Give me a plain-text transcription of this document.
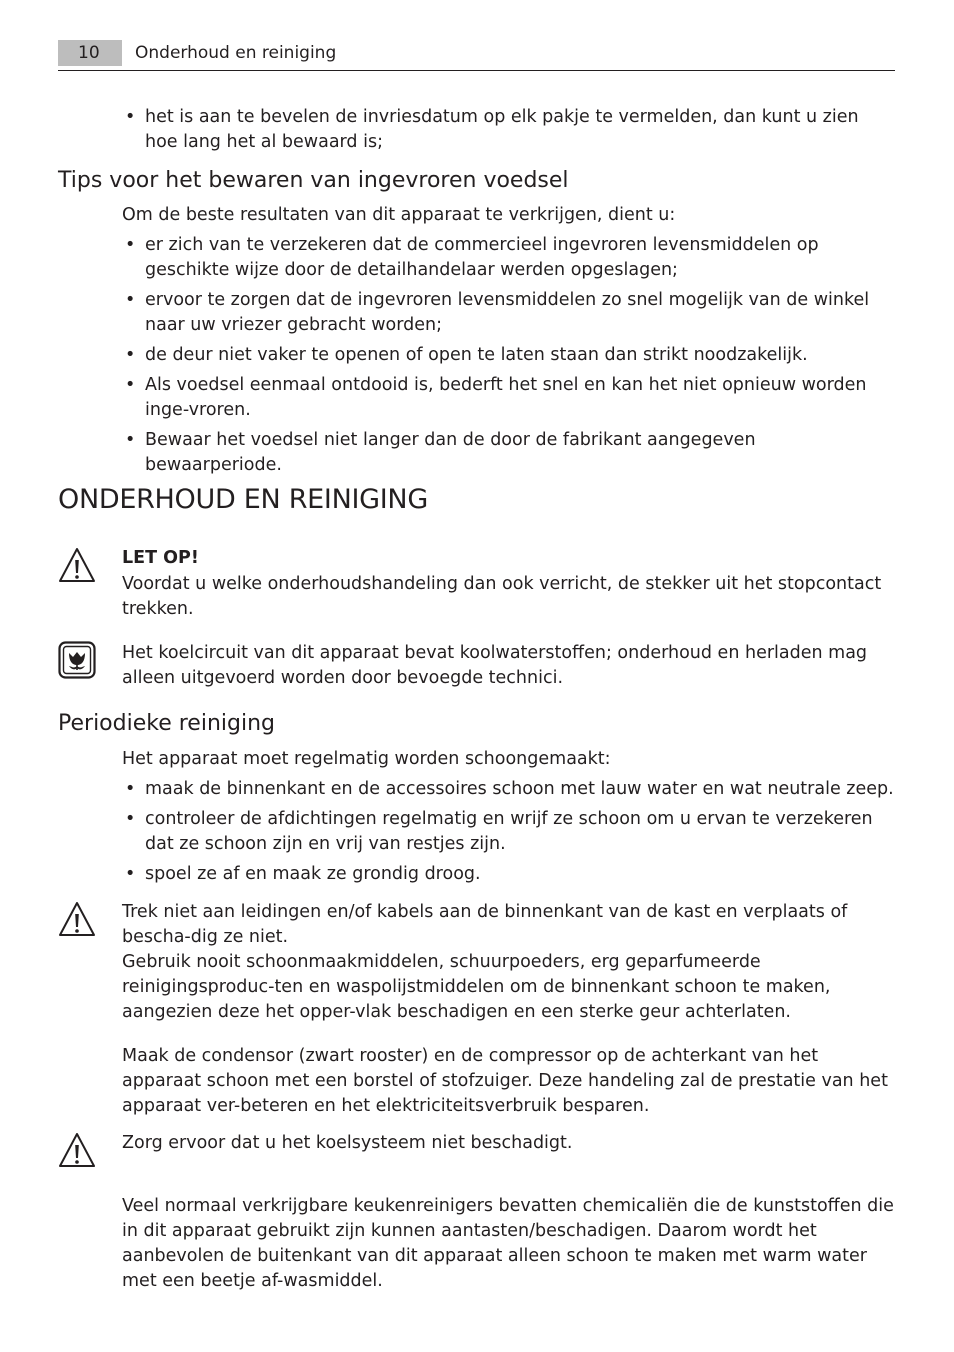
10	Onderhoud en reiniging
• het is aan te bevelen de invriesdatum op elk pakje te vermelden, dan kunt u zien hoe lang het al bewaard is;
Tips voor het bewaren van ingevroren voedsel
Om de beste resultaten van dit apparaat te verkrijgen, dient u:
• er zich van te verzekeren dat de commercieel ingevroren levensmiddelen op geschikte wijze door de detailhandelaar werden opgeslagen;
• ervoor te zorgen dat de ingevroren levensmiddelen zo snel mogelijk van de winkel naar uw vriezer gebracht worden;
• de deur niet vaker te openen of open te laten staan dan strikt noodzakelijk.
• Als voedsel eenmaal ontdooid is, bederft het snel en kan het niet opnieuw worden inge-vroren.
• Bewaar het voedsel niet langer dan de door de fabrikant aangegeven bewaarperiode.
ONDERHOUD EN REINIGING
LET OP!
Voordat u welke onderhoudshandeling dan ook verricht, de stekker uit het stopcontact trekken.
Het koelcircuit van dit apparaat bevat koolwaterstoffen; onderhoud en herladen mag alleen uitgevoerd worden door bevoegde technici.
Periodieke reiniging
Het apparaat moet regelmatig worden schoongemaakt:
• maak de binnenkant en de accessoires schoon met lauw water en wat neutrale zeep.
• controleer de afdichtingen regelmatig en wrijf ze schoon om u ervan te verzekeren dat ze schoon zijn en vrij van restjes zijn.
• spoel ze af en maak ze grondig droog.
Trek niet aan leidingen en/of kabels aan de binnenkant van de kast en verplaats of bescha-dig ze niet.
Gebruik nooit schoonmaakmiddelen, schuurpoeders, erg geparfumeerde reinigingsproduc-ten en waspolijstmiddelen om de binnenkant schoon te maken, aangezien deze het opper-vlak beschadigen en een sterke geur achterlaten.
Maak de condensor (zwart rooster) en de compressor op de achterkant van het apparaat schoon met een borstel of stofzuiger. Deze handeling zal de prestatie van het apparaat ver-beteren en het elektriciteitsverbruik besparen.
Zorg ervoor dat u het koelsysteem niet beschadigt.
Veel normaal verkrijgbare keukenreinigers bevatten chemicaliën die de kunststoffen die in dit apparaat gebruikt zijn kunnen aantasten/beschadigen. Daarom wordt het aanbevolen de buitenkant van dit apparaat alleen schoon te maken met warm water met een beetje af-wasmiddel.
